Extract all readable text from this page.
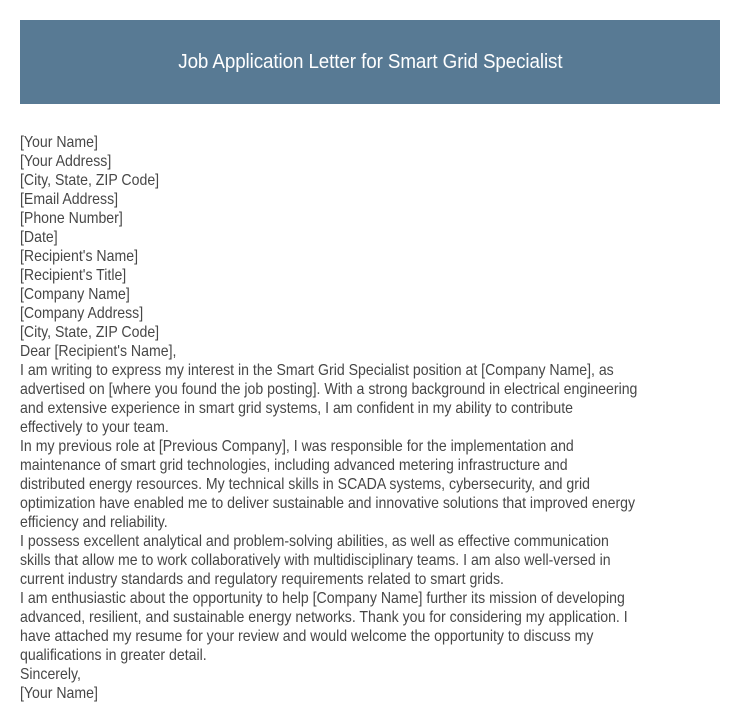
Job Application Letter for Smart Grid Specialist
[Your Name]
[Your Address]
[City, State, ZIP Code]
[Email Address]
[Phone Number]
[Date]
[Recipient's Name]
[Recipient's Title]
[Company Name]
[Company Address]
[City, State, ZIP Code]
Dear [Recipient's Name],
I am writing to express my interest in the Smart Grid Specialist position at [Company Name], as
advertised on [where you found the job posting]. With a strong background in electrical engineering
and extensive experience in smart grid systems, I am confident in my ability to contribute
effectively to your team.
In my previous role at [Previous Company], I was responsible for the implementation and
maintenance of smart grid technologies, including advanced metering infrastructure and
distributed energy resources. My technical skills in SCADA systems, cybersecurity, and grid
optimization have enabled me to deliver sustainable and innovative solutions that improved energy
efficiency and reliability.
I possess excellent analytical and problem-solving abilities, as well as effective communication
skills that allow me to work collaboratively with multidisciplinary teams. I am also well-versed in
current industry standards and regulatory requirements related to smart grids.
I am enthusiastic about the opportunity to help [Company Name] further its mission of developing
advanced, resilient, and sustainable energy networks. Thank you for considering my application. I
have attached my resume for your review and would welcome the opportunity to discuss my
qualifications in greater detail.
Sincerely,
[Your Name]
